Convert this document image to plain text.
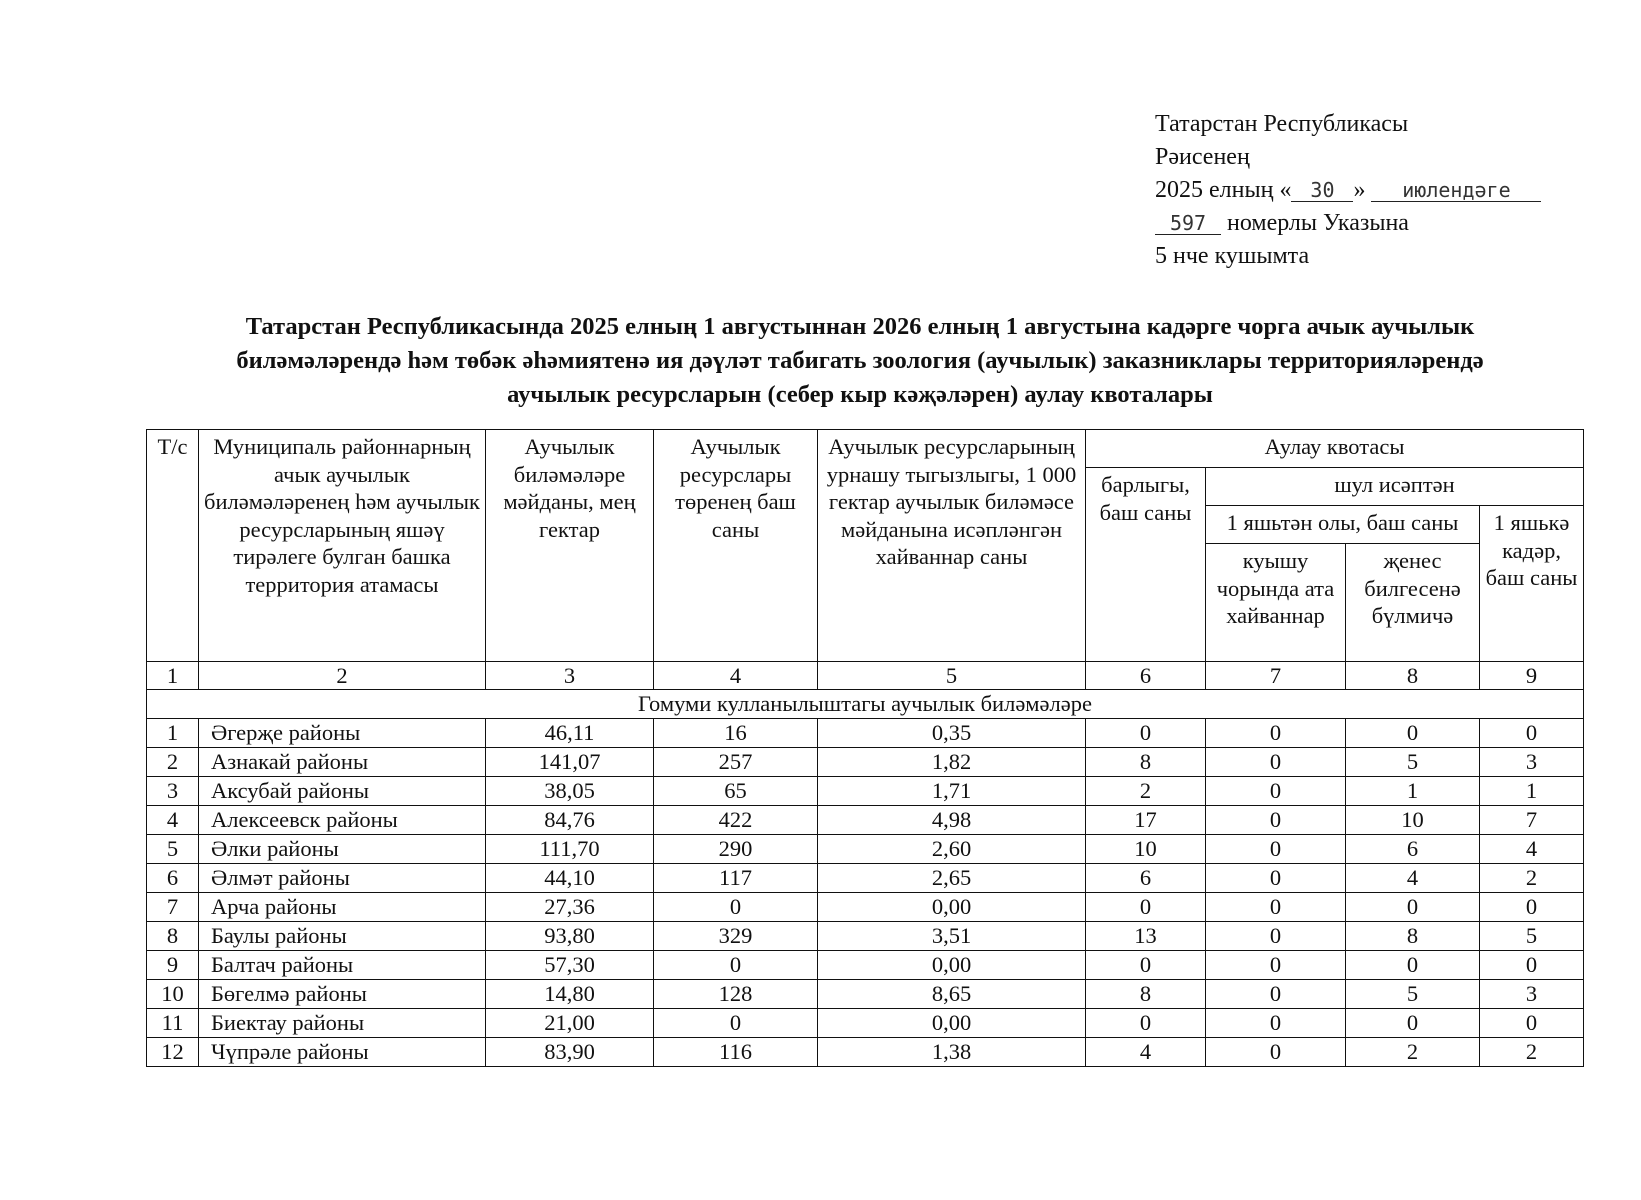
Татарстан Республикасы
Рәисенең
2025 елның « 30 » июлендәге
597 номерлы Указына
5 нче кушымта
Татарстан Республикасында 2025 елның 1 августыннан 2026 елның 1 августына кадәрге чорга ачык аучылык
биләмәләрендә һәм төбәк әһәмиятенә ия дәүләт табигать зоология (аучылык) заказниклары территорияләрендә
аучылык ресурсларын (себер кыр кәҗәләрен) аулау квоталары
Т/с	Муниципаль районнарның ачык аучылык биләмәләренең һәм аучылык ресурсларының яшәү тирәлеге булган башка территория атамасы	Аучылык биләмәләре мәйданы, мең гектар	Аучылык ресурслары төренең баш саны	Аучылык ресурсларының урнашу тыгызлыгы, 1 000 гектар аучылык биләмәсе мәйданына исәпләнгән хайваннар саны	Аулау квотасы			
					барлыгы, баш саны	шул исәптән		
						1 яшьтән олы, баш саны		1 яшькә кадәр, баш саны
						куышу чорында ата хайваннар	җенес билгесенә бүлмичә	
1	2	3	4	5	6	7	8	9
Гомуми кулланылыштагы аучылык биләмәләре								
1	Әгерҗе районы	46,11	16	0,35	0	0	0	0
2	Азнакай районы	141,07	257	1,82	8	0	5	3
3	Аксубай районы	38,05	65	1,71	2	0	1	1
4	Алексеевск районы	84,76	422	4,98	17	0	10	7
5	Әлки районы	111,70	290	2,60	10	0	6	4
6	Әлмәт районы	44,10	117	2,65	6	0	4	2
7	Арча районы	27,36	0	0,00	0	0	0	0
8	Баулы районы	93,80	329	3,51	13	0	8	5
9	Балтач районы	57,30	0	0,00	0	0	0	0
10	Бөгелмә районы	14,80	128	8,65	8	0	5	3
11	Биектау районы	21,00	0	0,00	0	0	0	0
12	Чүпрәле районы	83,90	116	1,38	4	0	2	2
